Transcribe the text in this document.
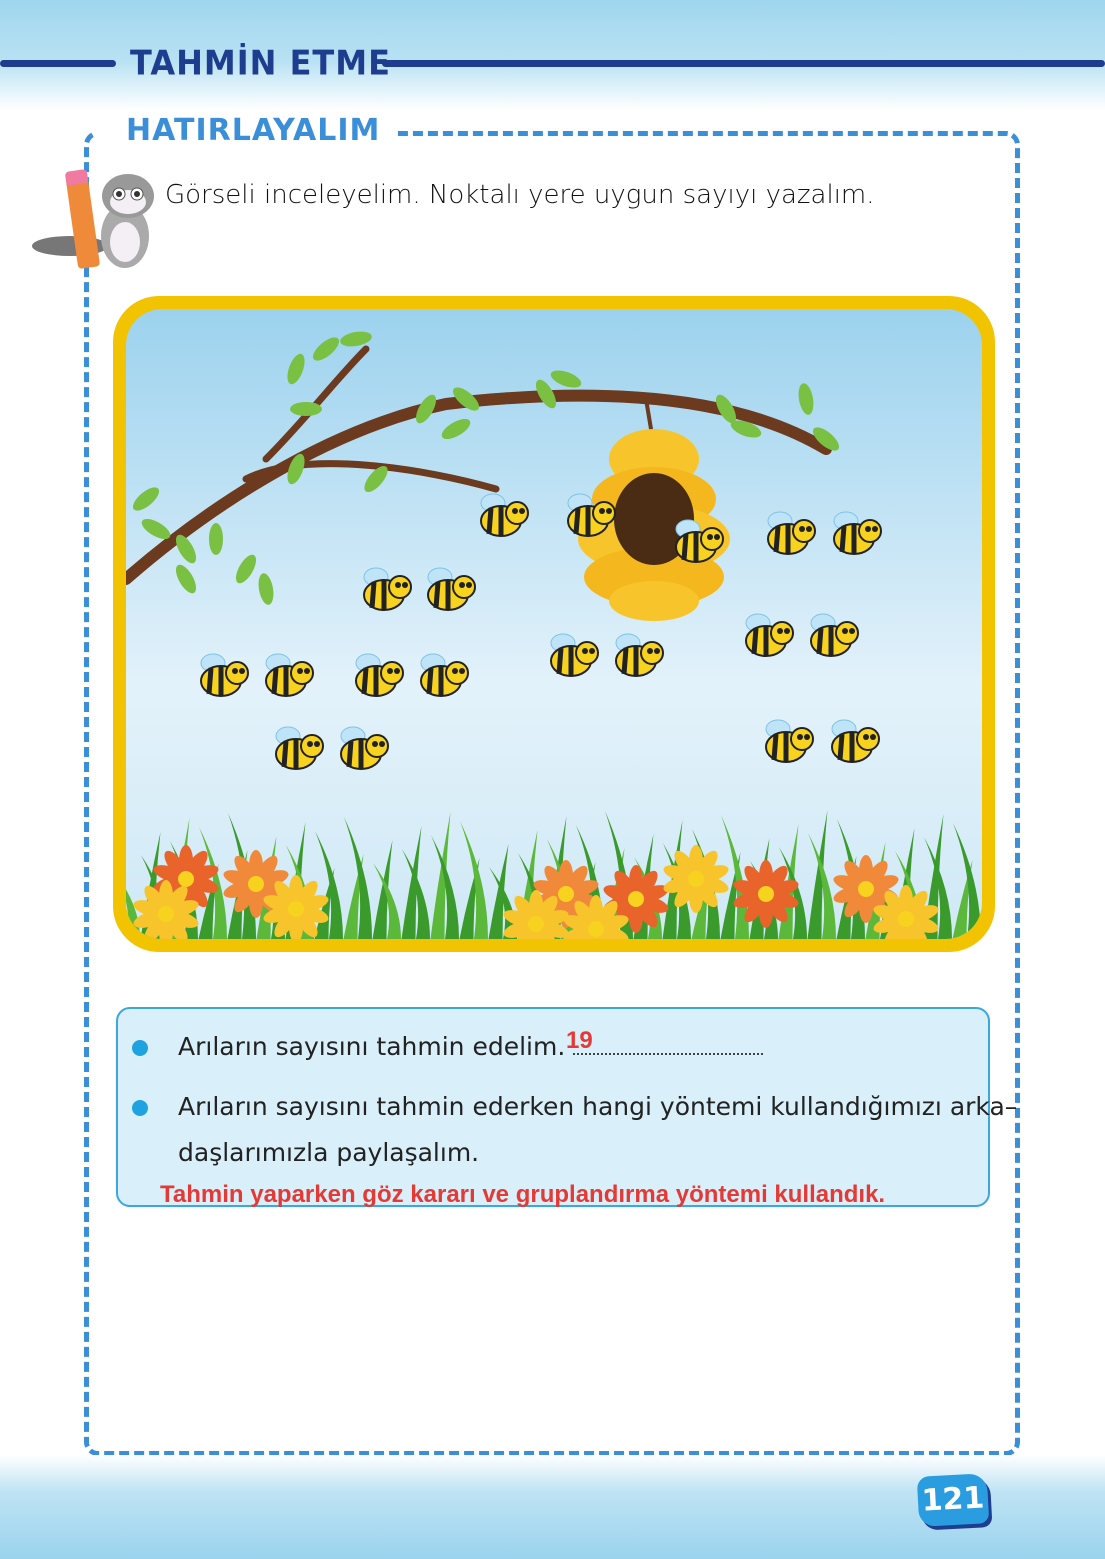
TAHMİN ETME
HATIRLAYALIM
Görseli inceleyelim. Noktalı yere uygun sayıyı yazalım.
Arıların sayısını tahmin edelim. 19
Arıların sayısını tahmin ederken hangi yöntemi kullandığımızı arka–
daşlarımızla paylaşalım.
Tahmin yaparken göz kararı ve gruplandırma yöntemi kullandık.
121
